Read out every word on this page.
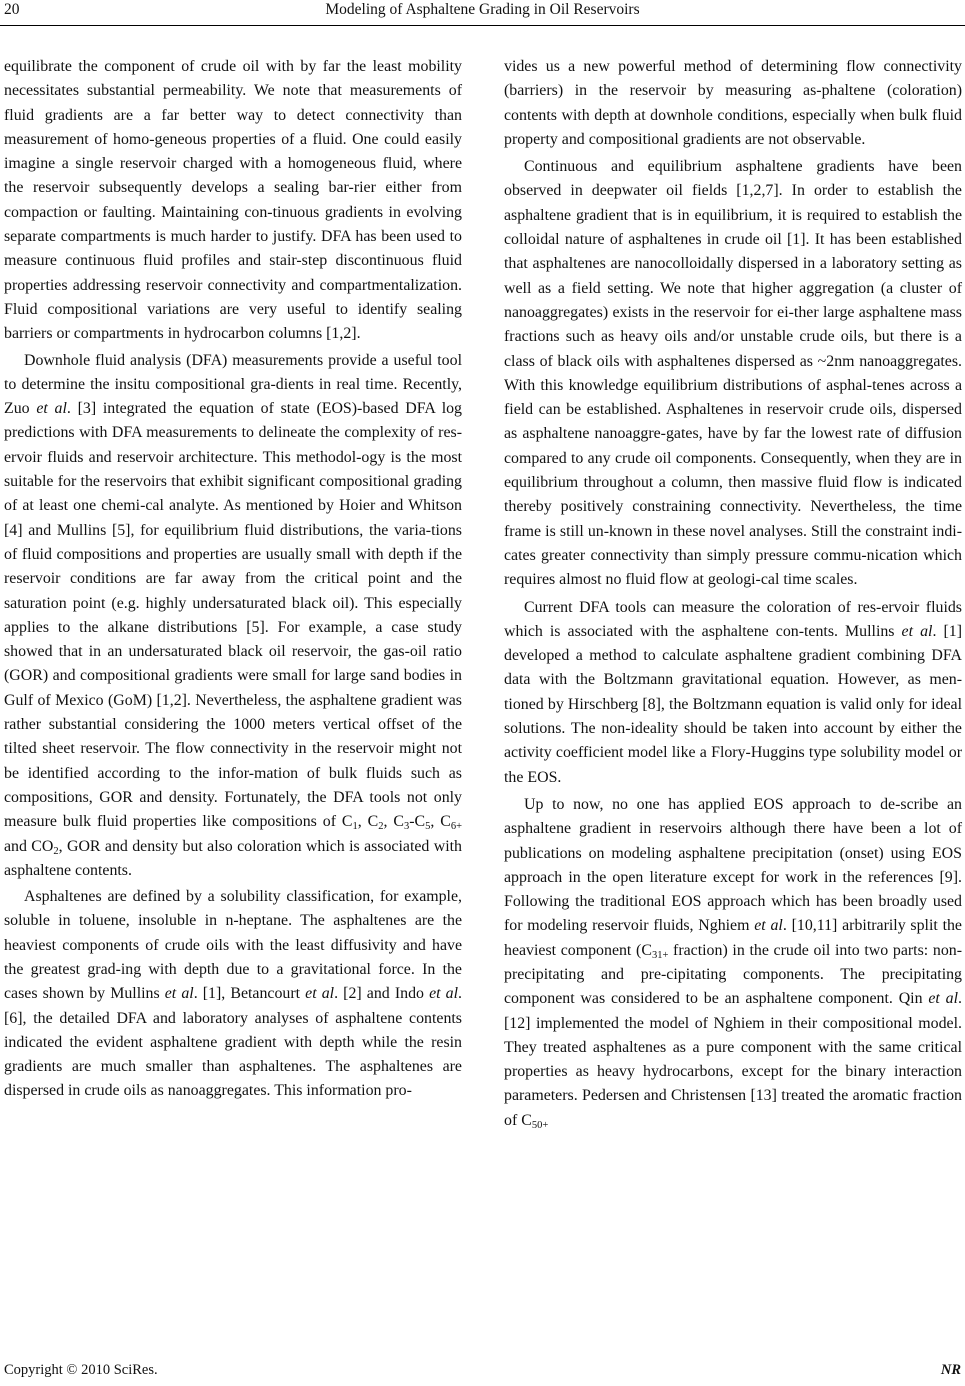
20	Modeling of Asphaltene Grading in Oil Reservoirs

equilibrate the component of crude oil with by far the least mobility necessitates substantial permeability. We note that measurements of fluid gradients are a far better way to detect connectivity than measurement of homo-geneous properties of a fluid. One could easily imagine a single reservoir charged with a homogeneous fluid, where the reservoir subsequently develops a sealing bar-rier either from compaction or faulting. Maintaining con-tinuous gradients in evolving separate compartments is much harder to justify. DFA has been used to measure continuous fluid profiles and stair-step discontinuous fluid properties addressing reservoir connectivity and compartmentalization. Fluid compositional variations are very useful to identify sealing barriers or compartments in hydrocarbon columns [1,2].

Downhole fluid analysis (DFA) measurements provide a useful tool to determine the insitu compositional gra-dients in real time. Recently, Zuo et al. [3] integrated the equation of state (EOS)-based DFA log predictions with DFA measurements to delineate the complexity of res-ervoir fluids and reservoir architecture. This methodol-ogy is the most suitable for the reservoirs that exhibit significant compositional grading of at least one chemi-cal analyte. As mentioned by Hoier and Whitson [4] and Mullins [5], for equilibrium fluid distributions, the varia-tions of fluid compositions and properties are usually small with depth if the reservoir conditions are far away from the critical point and the saturation point (e.g. highly undersaturated black oil). This especially applies to the alkane distributions [5]. For example, a case study showed that in an undersaturated black oil reservoir, the gas-oil ratio (GOR) and compositional gradients were small for large sand bodies in Gulf of Mexico (GoM) [1,2]. Nevertheless, the asphaltene gradient was rather substantial considering the 1000 meters vertical offset of the tilted sheet reservoir. The flow connectivity in the reservoir might not be identified according to the infor-mation of bulk fluids such as compositions, GOR and density. Fortunately, the DFA tools not only measure bulk fluid properties like compositions of $C_1$, $C_2$, $C_3-C_5$, $C_{6+}$ and $CO_2$, GOR and density but also coloration which is associated with asphaltene contents.

Asphaltenes are defined by a solubility classification, for example, soluble in toluene, insoluble in n-heptane. The asphaltenes are the heaviest components of crude oils with the least diffusivity and have the greatest grad-ing with depth due to a gravitational force. In the cases shown by Mullins et al. [1], Betancourt et al. [2] and Indo et al. [6], the detailed DFA and laboratory analyses of asphaltene contents indicated the evident asphaltene gradient with depth while the resin gradients are much smaller than asphaltenes. The asphaltenes are dispersed in crude oils as nanoaggregates. This information pro-

vides us a new powerful method of determining flow connectivity (barriers) in the reservoir by measuring as-phaltene (coloration) contents with depth at downhole conditions, especially when bulk fluid property and compositional gradients are not observable.

Continuous and equilibrium asphaltene gradients have been observed in deepwater oil fields [1,2,7]. In order to establish the asphaltene gradient that is in equilibrium, it is required to establish the colloidal nature of asphaltenes in crude oil [1]. It has been established that asphaltenes are nanocolloidally dispersed in a laboratory setting as well as a field setting. We note that higher aggregation (a cluster of nanoaggregates) exists in the reservoir for ei-ther large asphaltene mass fractions such as heavy oils and/or unstable crude oils, but there is a class of black oils with asphaltenes dispersed as ~2nm nanoaggregates. With this knowledge equilibrium distributions of asphal-tenes across a field can be established. Asphaltenes in reservoir crude oils, dispersed as asphaltene nanoaggre-gates, have by far the lowest rate of diffusion compared to any crude oil components. Consequently, when they are in equilibrium throughout a column, then massive fluid flow is indicated thereby positively constraining connectivity. Nevertheless, the time frame is still un-known in these novel analyses. Still the constraint indi-cates greater connectivity than simply pressure commu-nication which requires almost no fluid flow at geologi-cal time scales.

Current DFA tools can measure the coloration of res-ervoir fluids which is associated with the asphaltene con-tents. Mullins et al. [1] developed a method to calculate asphaltene gradient combining DFA data with the Boltzmann gravitational equation. However, as men-tioned by Hirschberg [8], the Boltzmann equation is valid only for ideal solutions. The non-ideality should be taken into account by either the activity coefficient model like a Flory-Huggins type solubility model or the EOS.

Up to now, no one has applied EOS approach to de-scribe an asphaltene gradient in reservoirs although there have been a lot of publications on modeling asphaltene precipitation (onset) using EOS approach in the open literature except for work in the references [9]. Following the traditional EOS approach which has been broadly used for modeling reservoir fluids, Nghiem et al. [10,11] arbitrarily split the heaviest component ($C_{31+}$ fraction) in the crude oil into two parts: non-precipitating and pre-cipitating components. The precipitating component was considered to be an asphaltene component. Qin et al. [12] implemented the model of Nghiem in their compositional model. They treated asphaltenes as a pure component with the same critical properties as heavy hydrocarbons, except for the binary interaction parameters. Pedersen and Christensen [13] treated the aromatic fraction of $C_{50+}$

Copyright © 2010 SciRes.	NR
